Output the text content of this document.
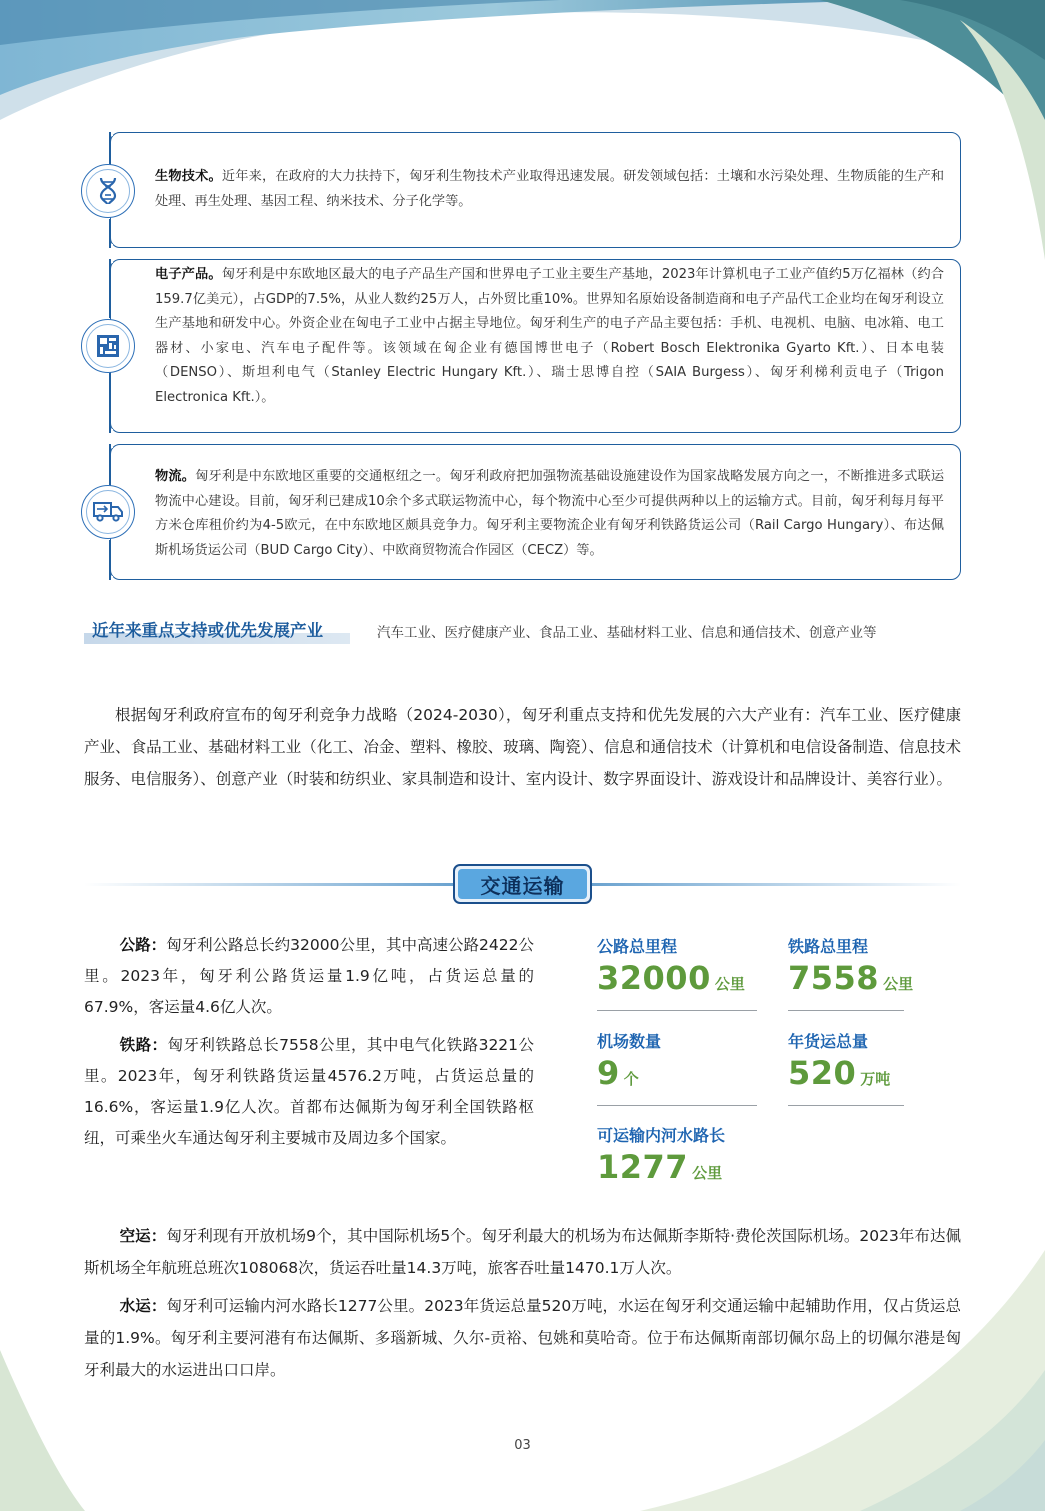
生物技术。近年来，在政府的大力扶持下，匈牙利生物技术产业取得迅速发展。研发领域包括：土壤和水污染处理、生物质能的生产和处理、再生处理、基因工程、纳米技术、分子化学等。
电子产品。匈牙利是中东欧地区最大的电子产品生产国和世界电子工业主要生产基地，2023年计算机电子工业产值约5万亿福林（约合159.7亿美元），占GDP的7.5%，从业人数约25万人，占外贸比重10%。世界知名原始设备制造商和电子产品代工企业均在匈牙利设立生产基地和研发中心。外资企业在匈电子工业中占据主导地位。匈牙利生产的电子产品主要包括：手机、电视机、电脑、电冰箱、电工器材、小家电、汽车电子配件等。该领域在匈企业有德国博世电子（Robert Bosch Elektronika Gyarto Kft.）、日本电装（DENSO）、斯坦利电气（Stanley Electric Hungary Kft.）、瑞士思博自控（SAIA Burgess）、匈牙利梯利贡电子（Trigon Electronica Kft.）。
物流。匈牙利是中东欧地区重要的交通枢纽之一。匈牙利政府把加强物流基础设施建设作为国家战略发展方向之一，不断推进多式联运物流中心建设。目前，匈牙利已建成10余个多式联运物流中心，每个物流中心至少可提供两种以上的运输方式。目前，匈牙利每月每平方米仓库租价约为4-5欧元，在中东欧地区颇具竞争力。匈牙利主要物流企业有匈牙利铁路货运公司（Rail Cargo Hungary）、布达佩斯机场货运公司（BUD Cargo City）、中欧商贸物流合作园区（CECZ）等。
近年来重点支持或优先发展产业	汽车工业、医疗健康产业、食品工业、基础材料工业、信息和通信技术、创意产业等
根据匈牙利政府宣布的匈牙利竞争力战略（2024-2030），匈牙利重点支持和优先发展的六大产业有：汽车工业、医疗健康产业、食品工业、基础材料工业（化工、冶金、塑料、橡胶、玻璃、陶瓷）、信息和通信技术（计算机和电信设备制造、信息技术服务、电信服务）、创意产业（时装和纺织业、家具制造和设计、室内设计、数字界面设计、游戏设计和品牌设计、美容行业）。
交通运输
公路：匈牙利公路总长约32000公里，其中高速公路2422公里。2023年，匈牙利公路货运量1.9亿吨，占货运总量的67.9%，客运量4.6亿人次。
铁路：匈牙利铁路总长7558公里，其中电气化铁路3221公里。2023年，匈牙利铁路货运量4576.2万吨，占货运总量的16.6%，客运量1.9亿人次。首都布达佩斯为匈牙利全国铁路枢纽，可乘坐火车通达匈牙利主要城市及周边多个国家。
公路总里程
32000 公里
铁路总里程
7558 公里
机场数量
9 个
年货运总量
520 万吨
可运输内河水路长
1277 公里
空运：匈牙利现有开放机场9个，其中国际机场5个。匈牙利最大的机场为布达佩斯李斯特·费伦茨国际机场。2023年布达佩斯机场全年航班总班次108068次，货运吞吐量14.3万吨，旅客吞吐量1470.1万人次。
水运：匈牙利可运输内河水路长1277公里。2023年货运总量520万吨，水运在匈牙利交通运输中起辅助作用，仅占货运总量的1.9%。匈牙利主要河港有布达佩斯、多瑙新城、久尔-贡裕、包姚和莫哈奇。位于布达佩斯南部切佩尔岛上的切佩尔港是匈牙利最大的水运进出口口岸。
03
